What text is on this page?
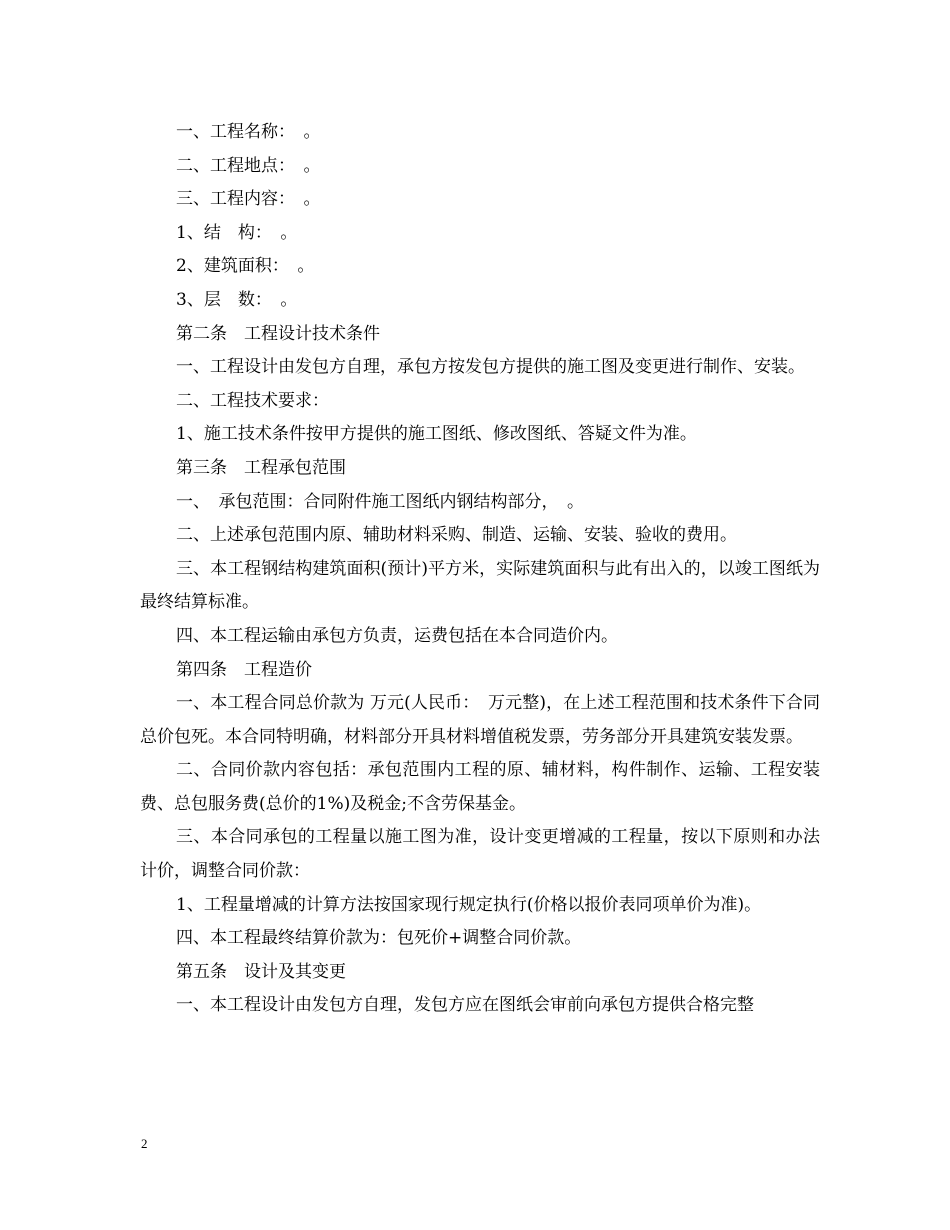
一、工程名称：　。

二、工程地点：　。

三、工程内容：　。

1、结　构：　。

2、建筑面积：　。

3、层　数：　。

第二条　工程设计技术条件

一、工程设计由发包方自理，承包方按发包方提供的施工图及变更进行制作、安装。

二、工程技术要求：

1、施工技术条件按甲方提供的施工图纸、修改图纸、答疑文件为准。

第三条　工程承包范围

一、　承包范围：合同附件施工图纸内钢结构部分，　。

二、上述承包范围内原、辅助材料采购、制造、运输、安装、验收的费用。

三、本工程钢结构建筑面积(预计)平方米，实际建筑面积与此有出入的，以竣工图纸为最终结算标准。

四、本工程运输由承包方负责，运费包括在本合同造价内。

第四条　工程造价

一、本工程合同总价款为 万元(人民币：　万元整)，在上述工程范围和技术条件下合同总价包死。本合同特明确，材料部分开具材料增值税发票，劳务部分开具建筑安装发票。

二、合同价款内容包括：承包范围内工程的原、辅材料，构件制作、运输、工程安装费、总包服务费(总价的1%)及税金;不含劳保基金。

三、本合同承包的工程量以施工图为准，设计变更增减的工程量，按以下原则和办法计价，调整合同价款：

1、工程量增减的计算方法按国家现行规定执行(价格以报价表同项单价为准)。

四、本工程最终结算价款为：包死价+调整合同价款。

第五条　设计及其变更

一、本工程设计由发包方自理，发包方应在图纸会审前向承包方提供合格完整

2
